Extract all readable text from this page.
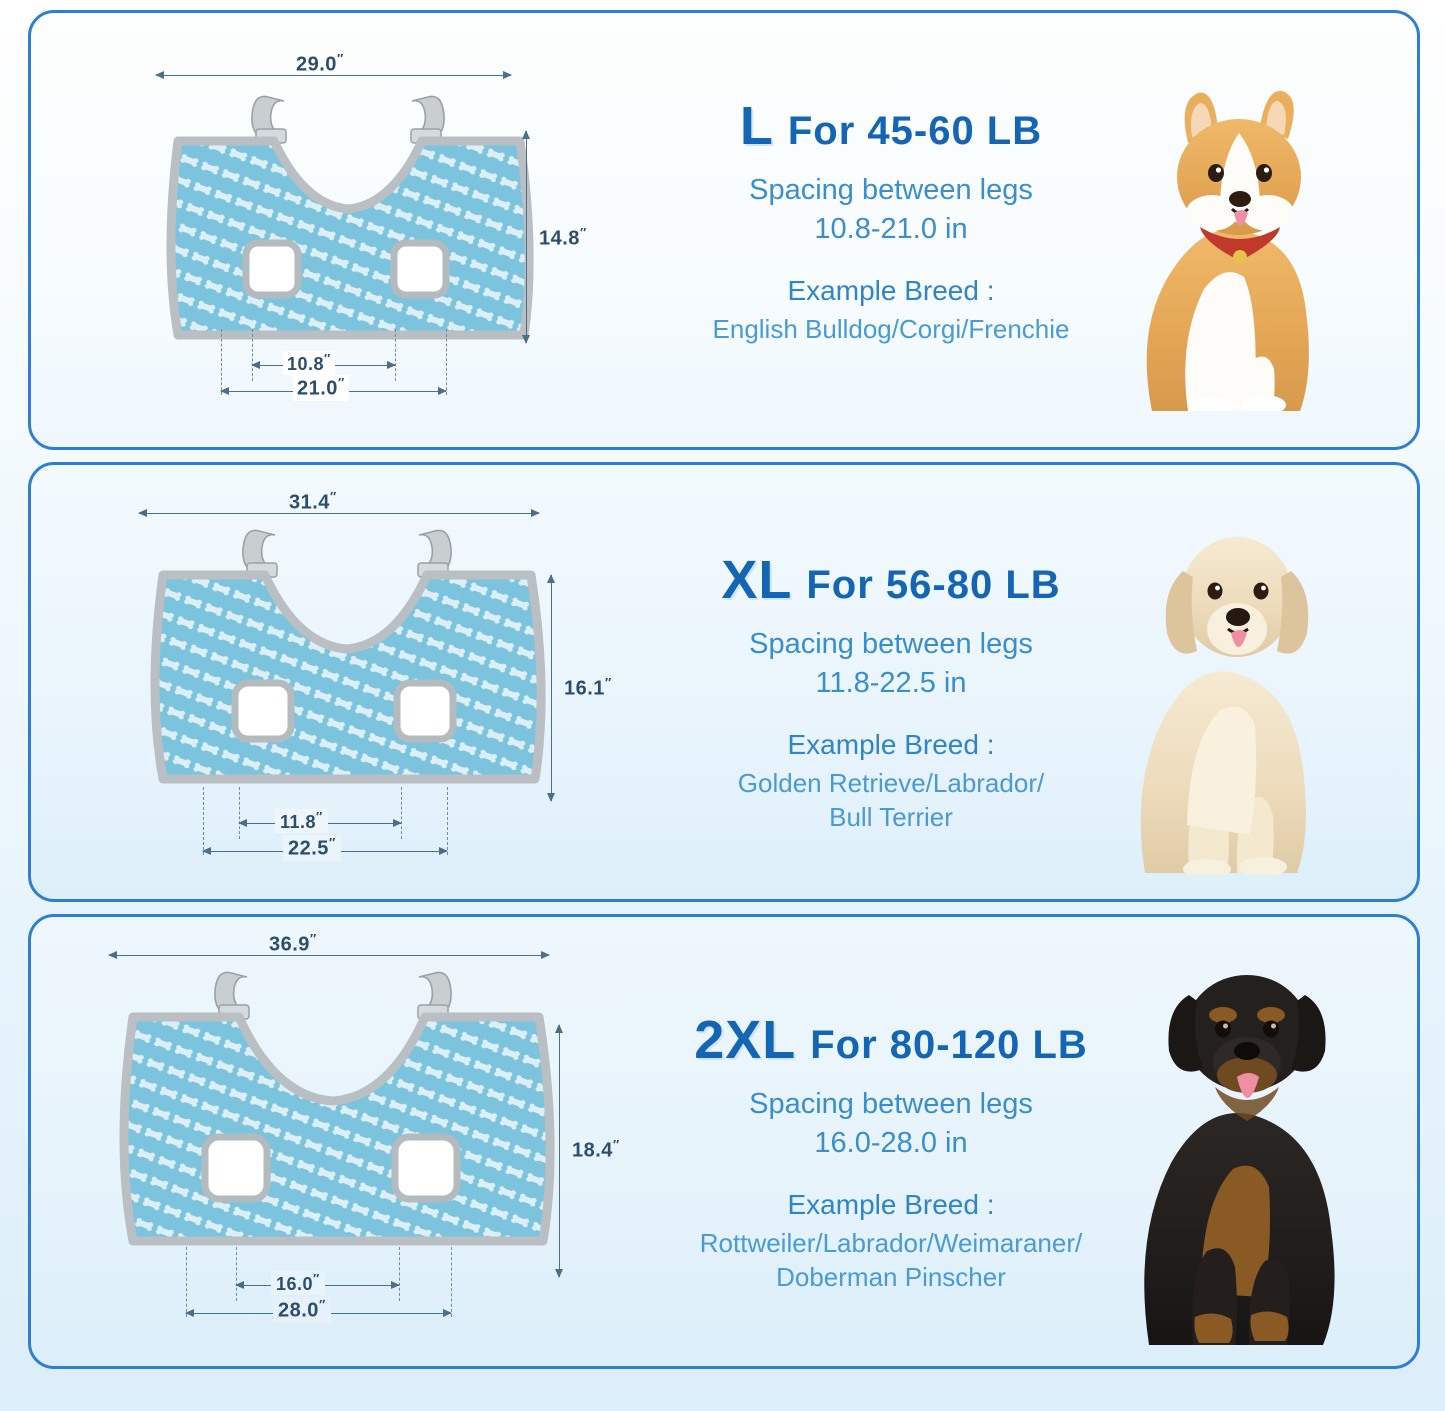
29.0″
14.8″
10.8″
21.0″
L For 45-60 LB
Spacing between legs
10.8-21.0 in
Example Breed :
English Bulldog/Corgi/Frenchie
31.4″
16.1″
11.8″
22.5″
XL For 56-80 LB
Spacing between legs
11.8-22.5 in
Example Breed :
Golden Retrieve/Labrador/
Bull Terrier
36.9″
18.4″
16.0″
28.0″
2XL For 80-120 LB
Spacing between legs
16.0-28.0 in
Example Breed :
Rottweiler/Labrador/Weimaraner/
Doberman Pinscher
